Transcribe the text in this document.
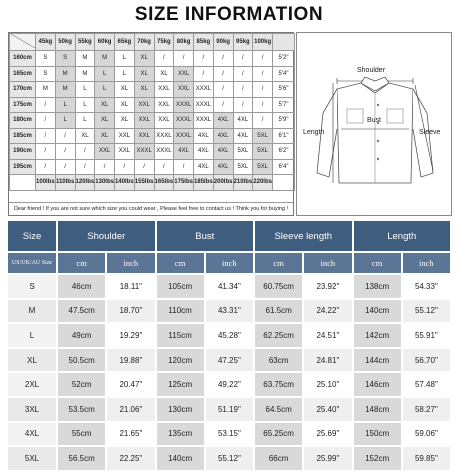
SIZE INFORMATION
	45kg	50kg	55kg	60kg	65kg	70kg	75kg	80kg	85kg	90kg	95kg	100kg	
160cm	S	S	M	M	L	XL	/	/	/	/	/	/	5'2"
165cm	S	M	M	L	L	XL	XL	XXL	/	/	/	/	5'4"
170cm	M	M	L	L	XL	XL	XXL	XXL	XXXL	/	/	/	5'6"
175cm	/	L	L	XL	XL	XXL	XXL	XXXL	XXXL	/	/	/	5'7"
180cm	/	L	L	XL	XL	XXL	XXL	XXXL	XXXL	4XL	4XL	/	5'9"
185cm	/	/	XL	XL	XXL	XXL	XXXL	XXXL	4XL	4XL	4XL	5XL	6'1"
190cm	/	/	/	XXL	XXL	XXXL	XXXL	4XL	4XL	4XL	5XL	5XL	6'2"
195cm	/	/	/	/	/	/	/	/	4XL	4XL	5XL	5XL	6'4"
	100lbs	110lbs	120lbs	130lbs	140lbs	155lbs	165lbs	175lbs	185lbs	200lbs	210lbs	220lbs	
Dear friend ! If you are not sure which size you could wear , Please feel free to contact us ! Think you for buying !
Shoulder
Bust
Length	Sleeve
Size	Shoulder		Bust		Sleeve length		Length	
US/UK/AU Size	cm	inch	cm	inch	cm	inch	cm	inch
S	46cm	18.11"	105cm	41.34"	60.75cm	23.92"	138cm	54.33"
M	47.5cm	18.70"	110cm	43.31"	61.5cm	24.22"	140cm	55.12"
L	49cm	19.29"	115cm	45.28"	62.25cm	24.51"	142cm	55.91"
XL	50.5cm	19.88"	120cm	47.25"	63cm	24.81"	144cm	56.70"
2XL	52cm	20.47"	125cm	49.22"	63.75cm	25.10"	146cm	57.48"
3XL	53.5cm	21.06"	130cm	51.19"	64.5cm	25.40"	148cm	58.27"
4XL	55cm	21.65"	135cm	53.15"	65.25cm	25.69"	150cm	59.06"
5XL	56.5cm	22.25"	140cm	55.12"	66cm	25.99"	152cm	59.85"
